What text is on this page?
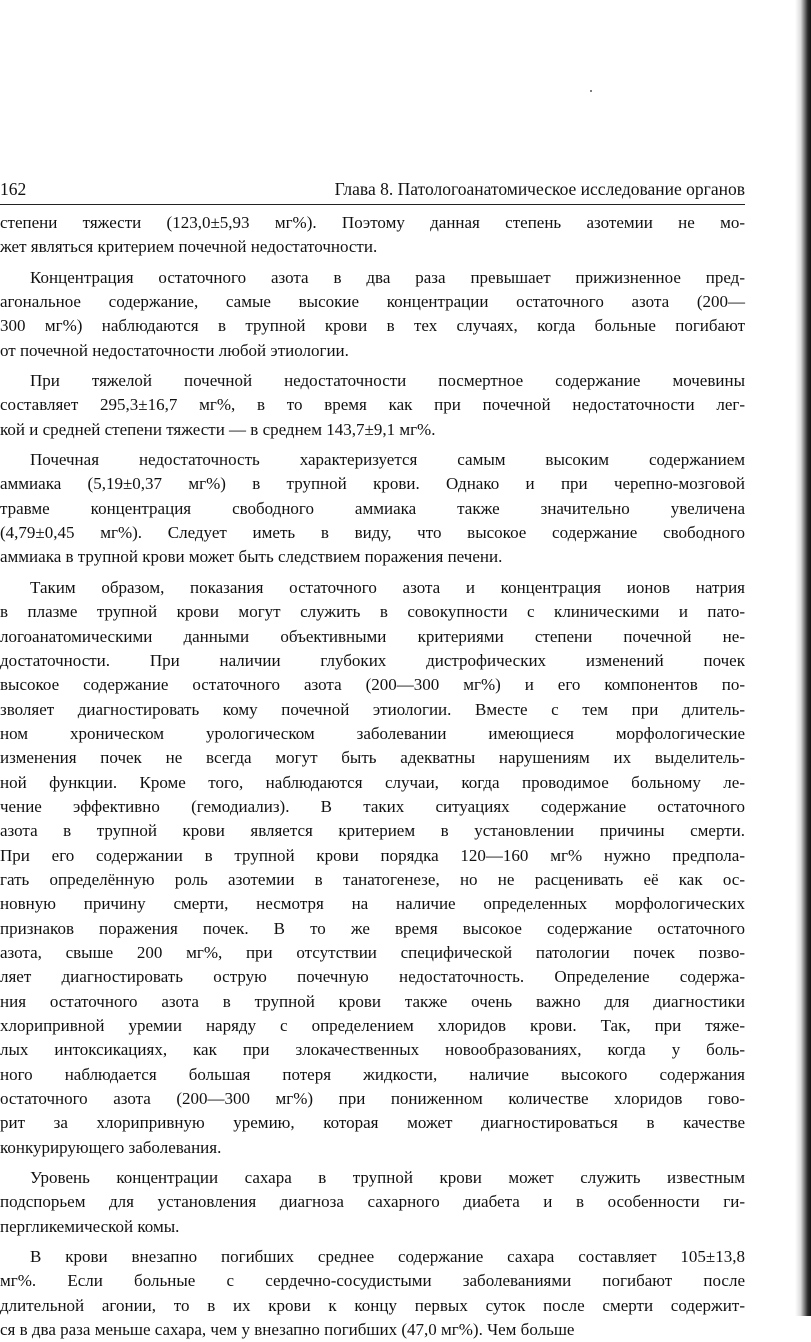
162	Глава 8. Патологоанатомическое исследование органов
степени тяжести (123,0±5,93 мг%). Поэтому данная степень азотемии не мо-
жет являться критерием почечной недостаточности.
Концентрация остаточного азота в два раза превышает прижизненное пред-
агональное содержание, самые высокие концентрации остаточного азота (200—
300 мг%) наблюдаются в трупной крови в тех случаях, когда больные погибают
от почечной недостаточности любой этиологии.
При тяжелой почечной недостаточности посмертное содержание мочевины
составляет 295,3±16,7 мг%, в то время как при почечной недостаточности лег-
кой и средней степени тяжести — в среднем 143,7±9,1 мг%.
Почечная недостаточность характеризуется самым высоким содержанием
аммиака (5,19±0,37 мг%) в трупной крови. Однако и при черепно-мозговой
травме концентрация свободного аммиака также значительно увеличена
(4,79±0,45 мг%). Следует иметь в виду, что высокое содержание свободного
аммиака в трупной крови может быть следствием поражения печени.
Таким образом, показания остаточного азота и концентрация ионов натрия
в плазме трупной крови могут служить в совокупности с клиническими и пато-
логоанатомическими данными объективными критериями степени почечной не-
достаточности. При наличии глубоких дистрофических изменений почек
высокое содержание остаточного азота (200—300 мг%) и его компонентов по-
зволяет диагностировать кому почечной этиологии. Вместе с тем при длитель-
ном хроническом урологическом заболевании имеющиеся морфологические
изменения почек не всегда могут быть адекватны нарушениям их выделитель-
ной функции. Кроме того, наблюдаются случаи, когда проводимое больному ле-
чение эффективно (гемодиализ). В таких ситуациях содержание остаточного
азота в трупной крови является критерием в установлении причины смерти.
При его содержании в трупной крови порядка 120—160 мг% нужно предпола-
гать определённую роль азотемии в танатогенезе, но не расценивать её как ос-
новную причину смерти, несмотря на наличие определенных морфологических
признаков поражения почек. В то же время высокое содержание остаточного
азота, свыше 200 мг%, при отсутствии специфической патологии почек позво-
ляет диагностировать острую почечную недостаточность. Определение содержа-
ния остаточного азота в трупной крови также очень важно для диагностики
хлорипривной уремии наряду с определением хлоридов крови. Так, при тяже-
лых интоксикациях, как при злокачественных новообразованиях, когда у боль-
ного наблюдается большая потеря жидкости, наличие высокого содержания
остаточного азота (200—300 мг%) при пониженном количестве хлоридов гово-
рит за хлорипривную уремию, которая может диагностироваться в качестве
конкурирующего заболевания.
Уровень концентрации сахара в трупной крови может служить известным
подспорьем для установления диагноза сахарного диабета и в особенности ги-
пергликемической комы.
В крови внезапно погибших среднее содержание сахара составляет 105±13,8
мг%. Если больные с сердечно-сосудистыми заболеваниями погибают после
длительной агонии, то в их крови к концу первых суток после смерти содержит-
ся в два раза меньше сахара, чем у внезапно погибших (47,0 мг%). Чем больше
